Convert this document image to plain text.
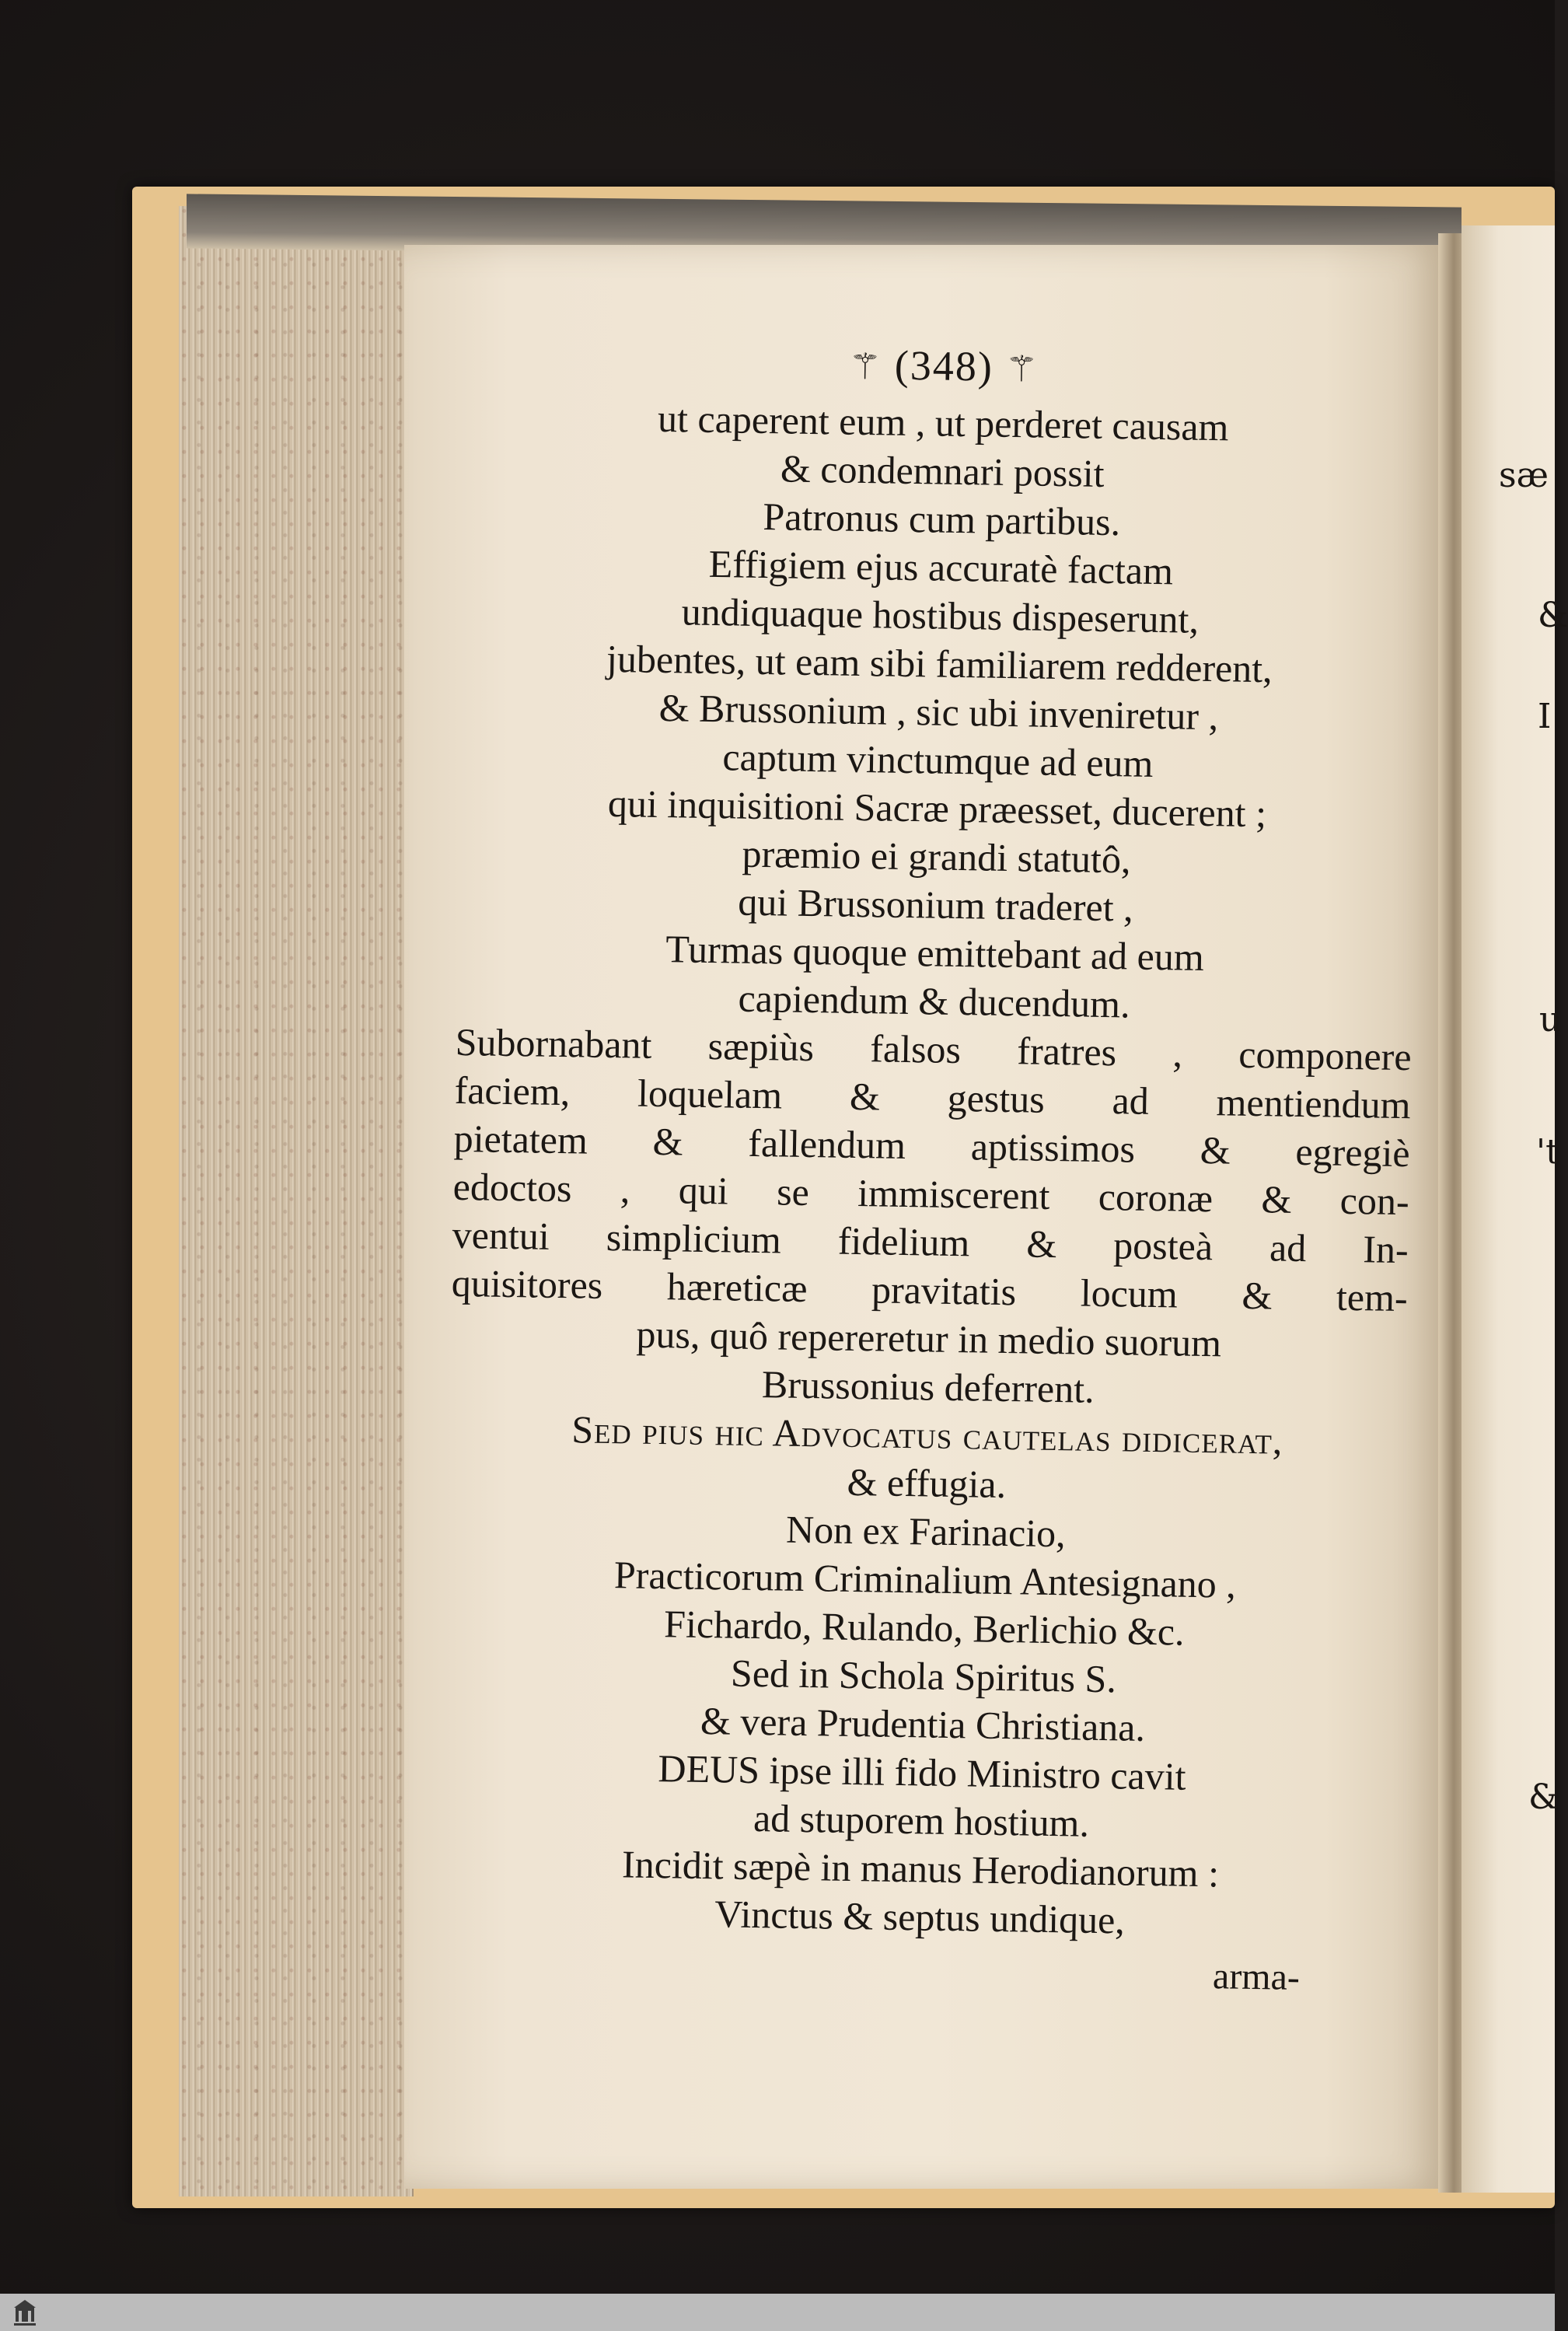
sæ
&
I
u
't
&
⚚ (348) ⚚
ut caperent eum , ut perderet causam
& condemnari possit
Patronus cum partibus.
Effigiem ejus accuratè factam
undiquaque hostibus dispeserunt,
jubentes, ut eam sibi familiarem redderent,
& Brussonium , sic ubi inveniretur ,
captum vinctumque ad eum
qui inquisitioni Sacræ præesset, ducerent ;
præmio ei grandi statutô,
qui Brussonium traderet ,
Turmas quoque emittebant ad eum
capiendum & ducendum.
Subornabant sæpiùs falsos fratres , componere
faciem, loquelam & gestus ad mentiendum
pietatem & fallendum aptissimos & egregiè
edoctos , qui se immiscerent coronæ & con-
ventui simplicium fidelium & posteà ad In-
quisitores hæreticæ pravitatis locum & tem-
pus, quô repereretur in medio suorum
Brussonius deferrent.
Sed pius hic Advocatus cautelas didicerat,
& effugia.
Non ex Farinacio,
Practicorum Criminalium Antesignano ,
Fichardo, Rulando, Berlichio &c.
Sed in Schola Spiritus S.
& vera Prudentia Christiana.
DEUS ipse illi fido Ministro cavit
ad stuporem hostium.
Incidit sæpè in manus Herodianorum :
Vinctus & septus undique,
arma-
